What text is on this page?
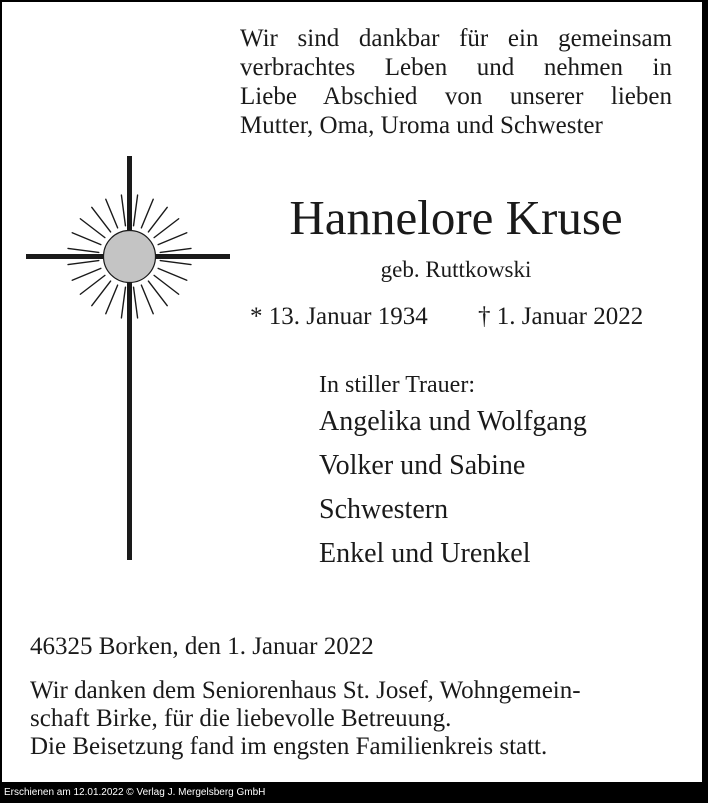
Wir sind dankbar für ein gemeinsam
verbrachtes Leben und nehmen in
Liebe Abschied von unserer lieben
Mutter, Oma, Uroma und Schwester
Hannelore Kruse
geb. Ruttkowski
* 13. Januar 1934 † 1. Januar 2022
In stiller Trauer:
Angelika und Wolfgang
Volker und Sabine
Schwestern
Enkel und Urenkel
46325 Borken, den 1. Januar 2022
Wir danken dem Seniorenhaus St. Josef, Wohngemein-
schaft Birke, für die liebevolle Betreuung.
Die Beisetzung fand im engsten Familienkreis statt.
Erschienen am 12.01.2022 © Verlag J. Mergelsberg GmbH
